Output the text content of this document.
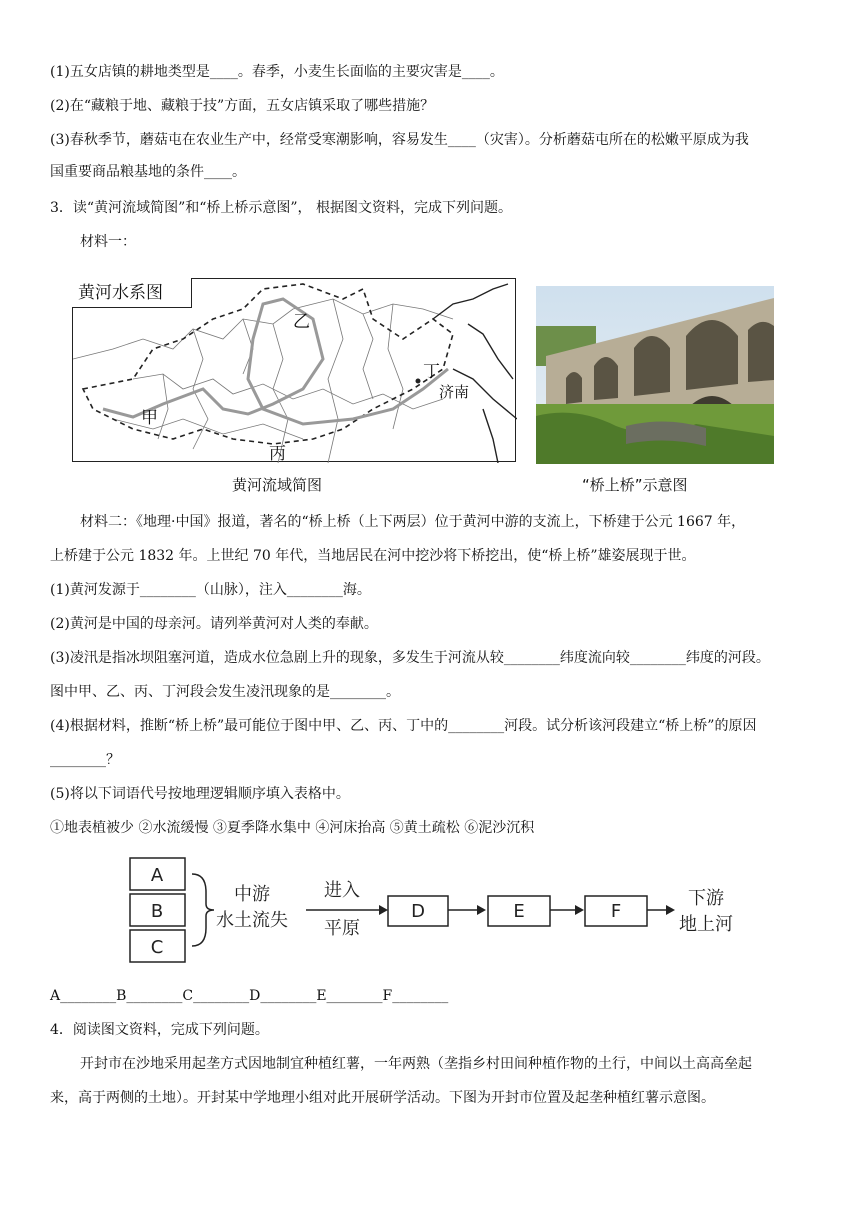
(1)五女店镇的耕地类型是____。春季，小麦生长面临的主要灾害是____。
(2)在“藏粮于地、藏粮于技”方面，五女店镇采取了哪些措施？
(3)春秋季节，蘑菇屯在农业生产中，经常受寒潮影响，容易发生____（灾害）。分析蘑菇屯所在的松嫩平原成为我
国重要商品粮基地的条件____。
3．读“黄河流域简图”和“桥上桥示意图”， 根据图文资料，完成下列问题。
材料一：
乙
丁
济南
甲
丙
黄河水系图
黄河流域简图	“桥上桥”示意图
材料二：《地理·中国》报道，著名的“桥上桥（上下两层）位于黄河中游的支流上，下桥建于公元 1667 年，
上桥建于公元 1832 年。上世纪 70 年代，当地居民在河中挖沙将下桥挖出，使“桥上桥”雄姿展现于世。
(1)黄河发源于________（山脉），注入________海。
(2)黄河是中国的母亲河。请列举黄河对人类的奉献。
(3)凌汛是指冰坝阻塞河道，造成水位急剧上升的现象，多发生于河流从较________纬度流向较________纬度的河段。
图中甲、乙、丙、丁河段会发生凌汛现象的是________。
(4)根据材料，推断“桥上桥”最可能位于图中甲、乙、丙、丁中的________河段。试分析该河段建立“桥上桥”的原因
________？
(5)将以下词语代号按地理逻辑顺序填入表格中。
①地表植被少 ②水流缓慢 ③夏季降水集中 ④河床抬高 ⑤黄土疏松 ⑥泥沙沉积
A
B
C
中游
水土流失
进入
平原
D	E	F
下游
地上河
A________B________C________D________E________F________
4．阅读图文资料，完成下列问题。
开封市在沙地采用起垄方式因地制宜种植红薯，一年两熟（垄指乡村田间种植作物的土行，中间以土高高垒起
来，高于两侧的土地）。开封某中学地理小组对此开展研学活动。下图为开封市位置及起垄种植红薯示意图。
